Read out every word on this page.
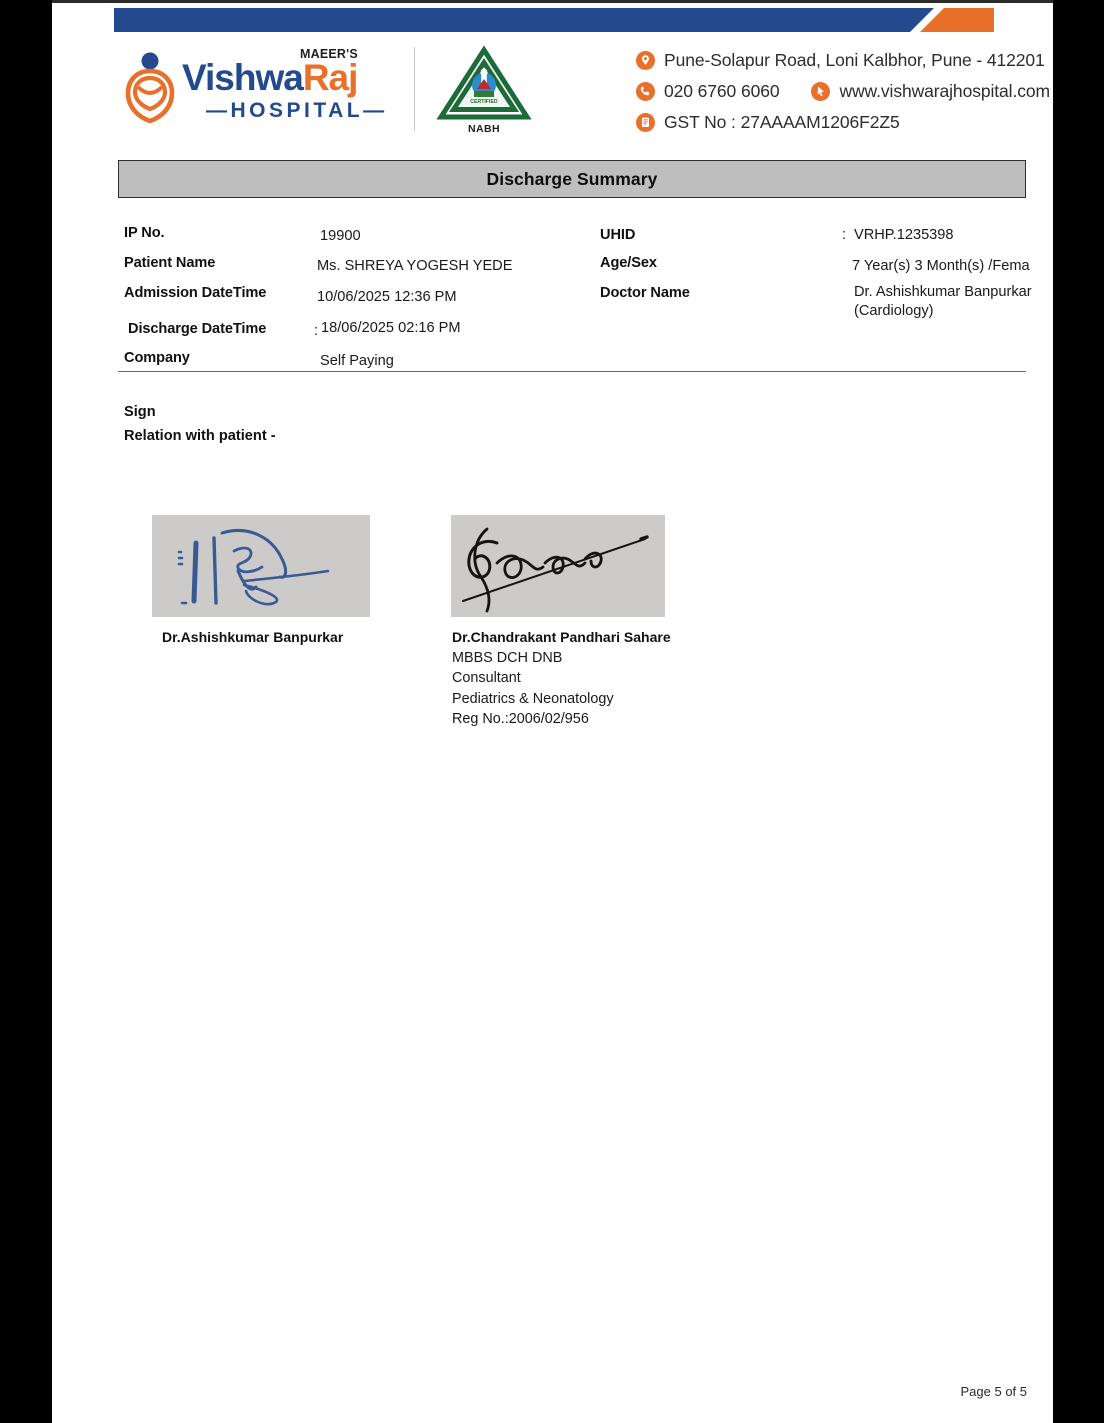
MAEER'S
VishwaRaj
—HOSPITAL—	CERTIFIED
NABH
Pune-Solapur Road, Loni Kalbhor, Pune - 412201
020 6760 6060	www.vishwarajhospital.com
GST No : 27AAAAM1206F2Z5
Discharge Summary
IP No.	19900
Patient Name	Ms. SHREYA YOGESH YEDE
Admission DateTime	10/06/2025 12:36 PM
Discharge DateTime	: 18/06/2025 02:16 PM
Company	Self Paying
UHID	: VRHP.1235398
Age/Sex	7 Year(s) 3 Month(s) /Fema
Doctor Name	Dr. Ashishkumar Banpurkar (Cardiology)
Sign
Relation with patient -
Dr.Ashishkumar Banpurkar	Dr.Chandrakant Pandhari Sahare
MBBS DCH DNB
Consultant
Pediatrics & Neonatology
Reg No.:2006/02/956
Page 5 of 5
